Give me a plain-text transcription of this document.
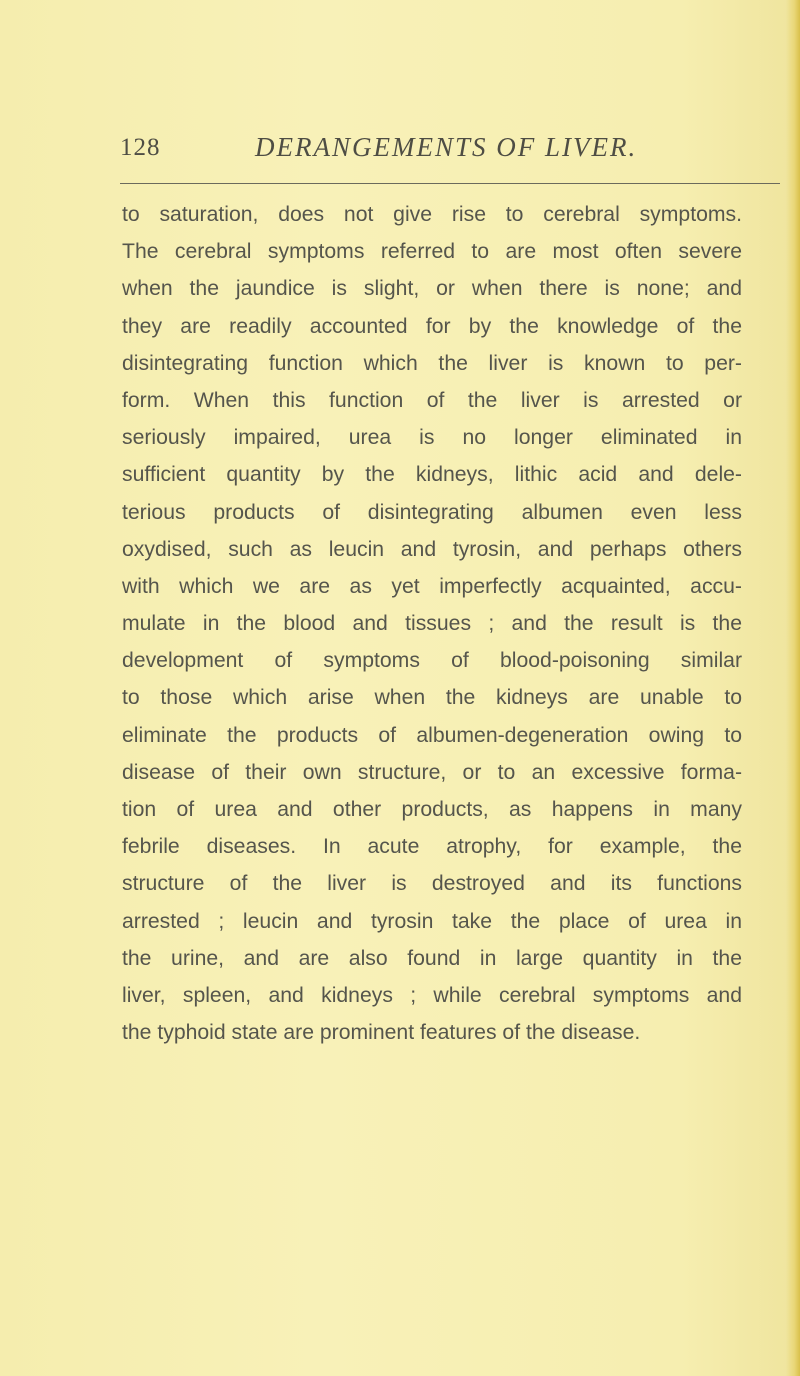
128	DERANGEMENTS OF LIVER.
to saturation, does not give rise to cerebral symptoms.
The cerebral symptoms referred to are most often severe
when the jaundice is slight, or when there is none; and
they are readily accounted for by the knowledge of the
disintegrating function which the liver is known to per-
form. When this function of the liver is arrested or
seriously impaired, urea is no longer eliminated in
sufficient quantity by the kidneys, lithic acid and dele-
terious products of disintegrating albumen even less
oxydised, such as leucin and tyrosin, and perhaps others
with which we are as yet imperfectly acquainted, accu-
mulate in the blood and tissues ; and the result is the
development of symptoms of blood-poisoning similar
to those which arise when the kidneys are unable to
eliminate the products of albumen-degeneration owing to
disease of their own structure, or to an excessive forma-
tion of urea and other products, as happens in many
febrile diseases. In acute atrophy, for example, the
structure of the liver is destroyed and its functions
arrested ; leucin and tyrosin take the place of urea in
the urine, and are also found in large quantity in the
liver, spleen, and kidneys ; while cerebral symptoms and
the typhoid state are prominent features of the disease.
